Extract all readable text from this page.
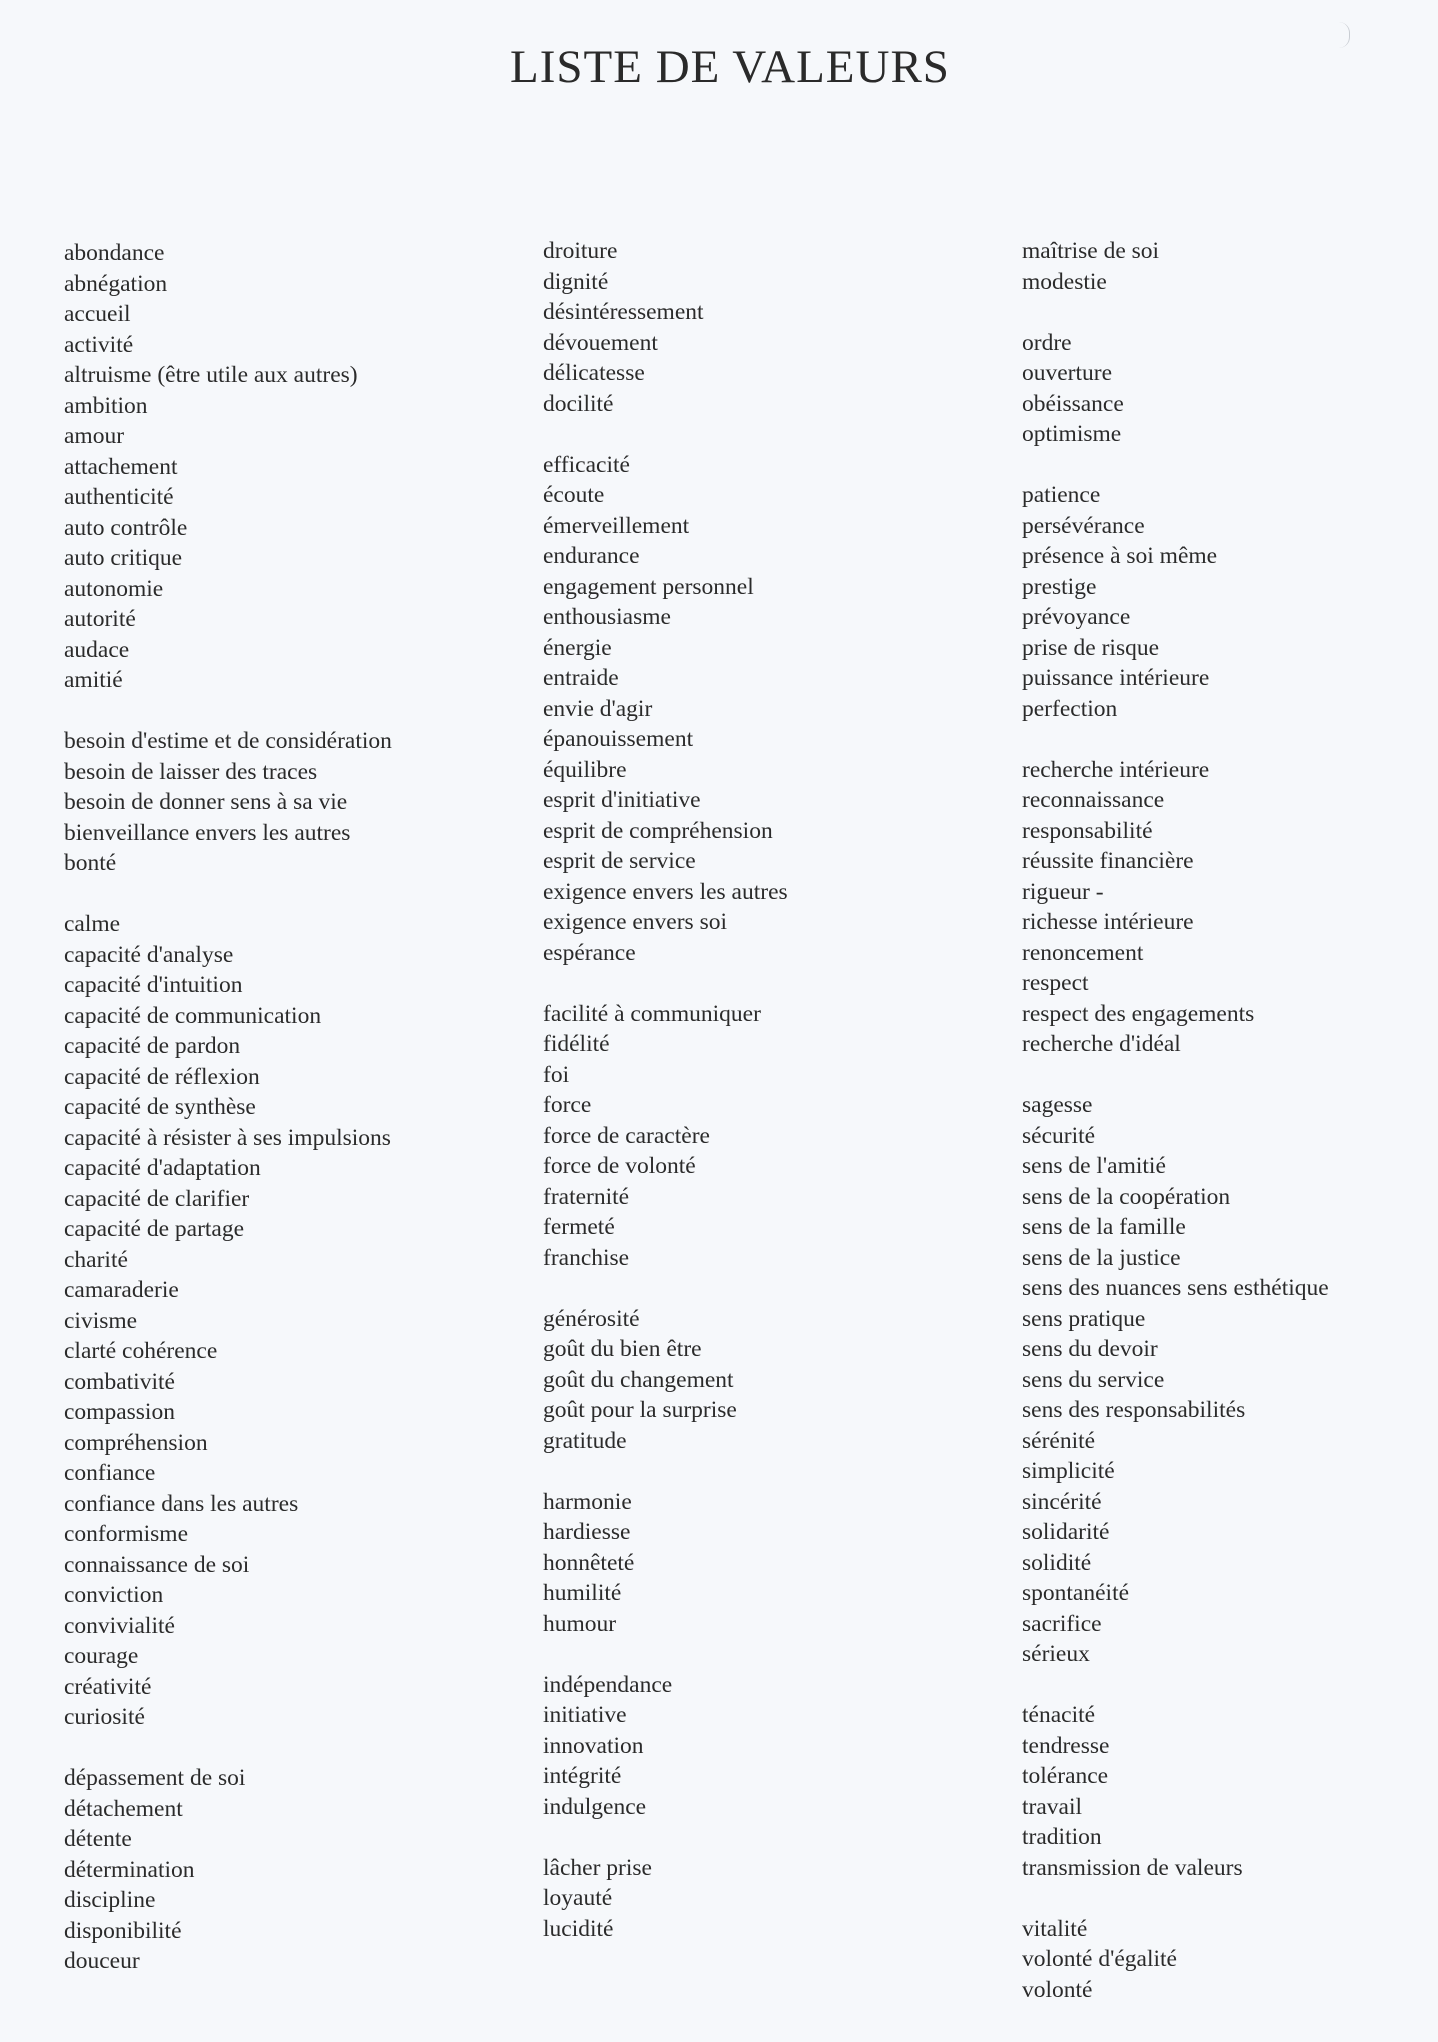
LISTE DE VALEURS
abondance
abnégation
accueil
activité
altruisme (être utile aux autres)
ambition
amour
attachement
authenticité
auto contrôle
auto critique
autonomie
autorité
audace
amitié
besoin d'estime et de considération
besoin de laisser des traces
besoin de donner sens à sa vie
bienveillance envers les autres
bonté
calme
capacité d'analyse
capacité d'intuition
capacité de communication
capacité de pardon
capacité de réflexion
capacité de synthèse
capacité à résister à ses impulsions
capacité d'adaptation
capacité de clarifier
capacité de partage
charité
camaraderie
civisme
clarté cohérence
combativité
compassion
compréhension
confiance
confiance dans les autres
conformisme
connaissance de soi
conviction
convivialité
courage
créativité
curiosité
dépassement de soi
détachement
détente
détermination
discipline
disponibilité
douceur
droiture
dignité
désintéressement
dévouement
délicatesse
docilité
efficacité
écoute
émerveillement
endurance
engagement personnel
enthousiasme
énergie
entraide
envie d'agir
épanouissement
équilibre
esprit d'initiative
esprit de compréhension
esprit de service
exigence envers les autres
exigence envers soi
espérance
facilité à communiquer
fidélité
foi
force
force de caractère
force de volonté
fraternité
fermeté
franchise
générosité
goût du bien être
goût du changement
goût pour la surprise
gratitude
harmonie
hardiesse
honnêteté
humilité
humour
indépendance
initiative
innovation
intégrité
indulgence
lâcher prise
loyauté
lucidité
maîtrise de soi
modestie
ordre
ouverture
obéissance
optimisme
patience
persévérance
présence à soi même
prestige
prévoyance
prise de risque
puissance intérieure
perfection
recherche intérieure
reconnaissance
responsabilité
réussite financière
rigueur -
richesse intérieure
renoncement
respect
respect des engagements
recherche d'idéal
sagesse
sécurité
sens de l'amitié
sens de la coopération
sens de la famille
sens de la justice
sens des nuances sens esthétique
sens pratique
sens du devoir
sens du service
sens des responsabilités
sérénité
simplicité
sincérité
solidarité
solidité
spontanéité
sacrifice
sérieux
ténacité
tendresse
tolérance
travail
tradition
transmission de valeurs
vitalité
volonté d'égalité
volonté
